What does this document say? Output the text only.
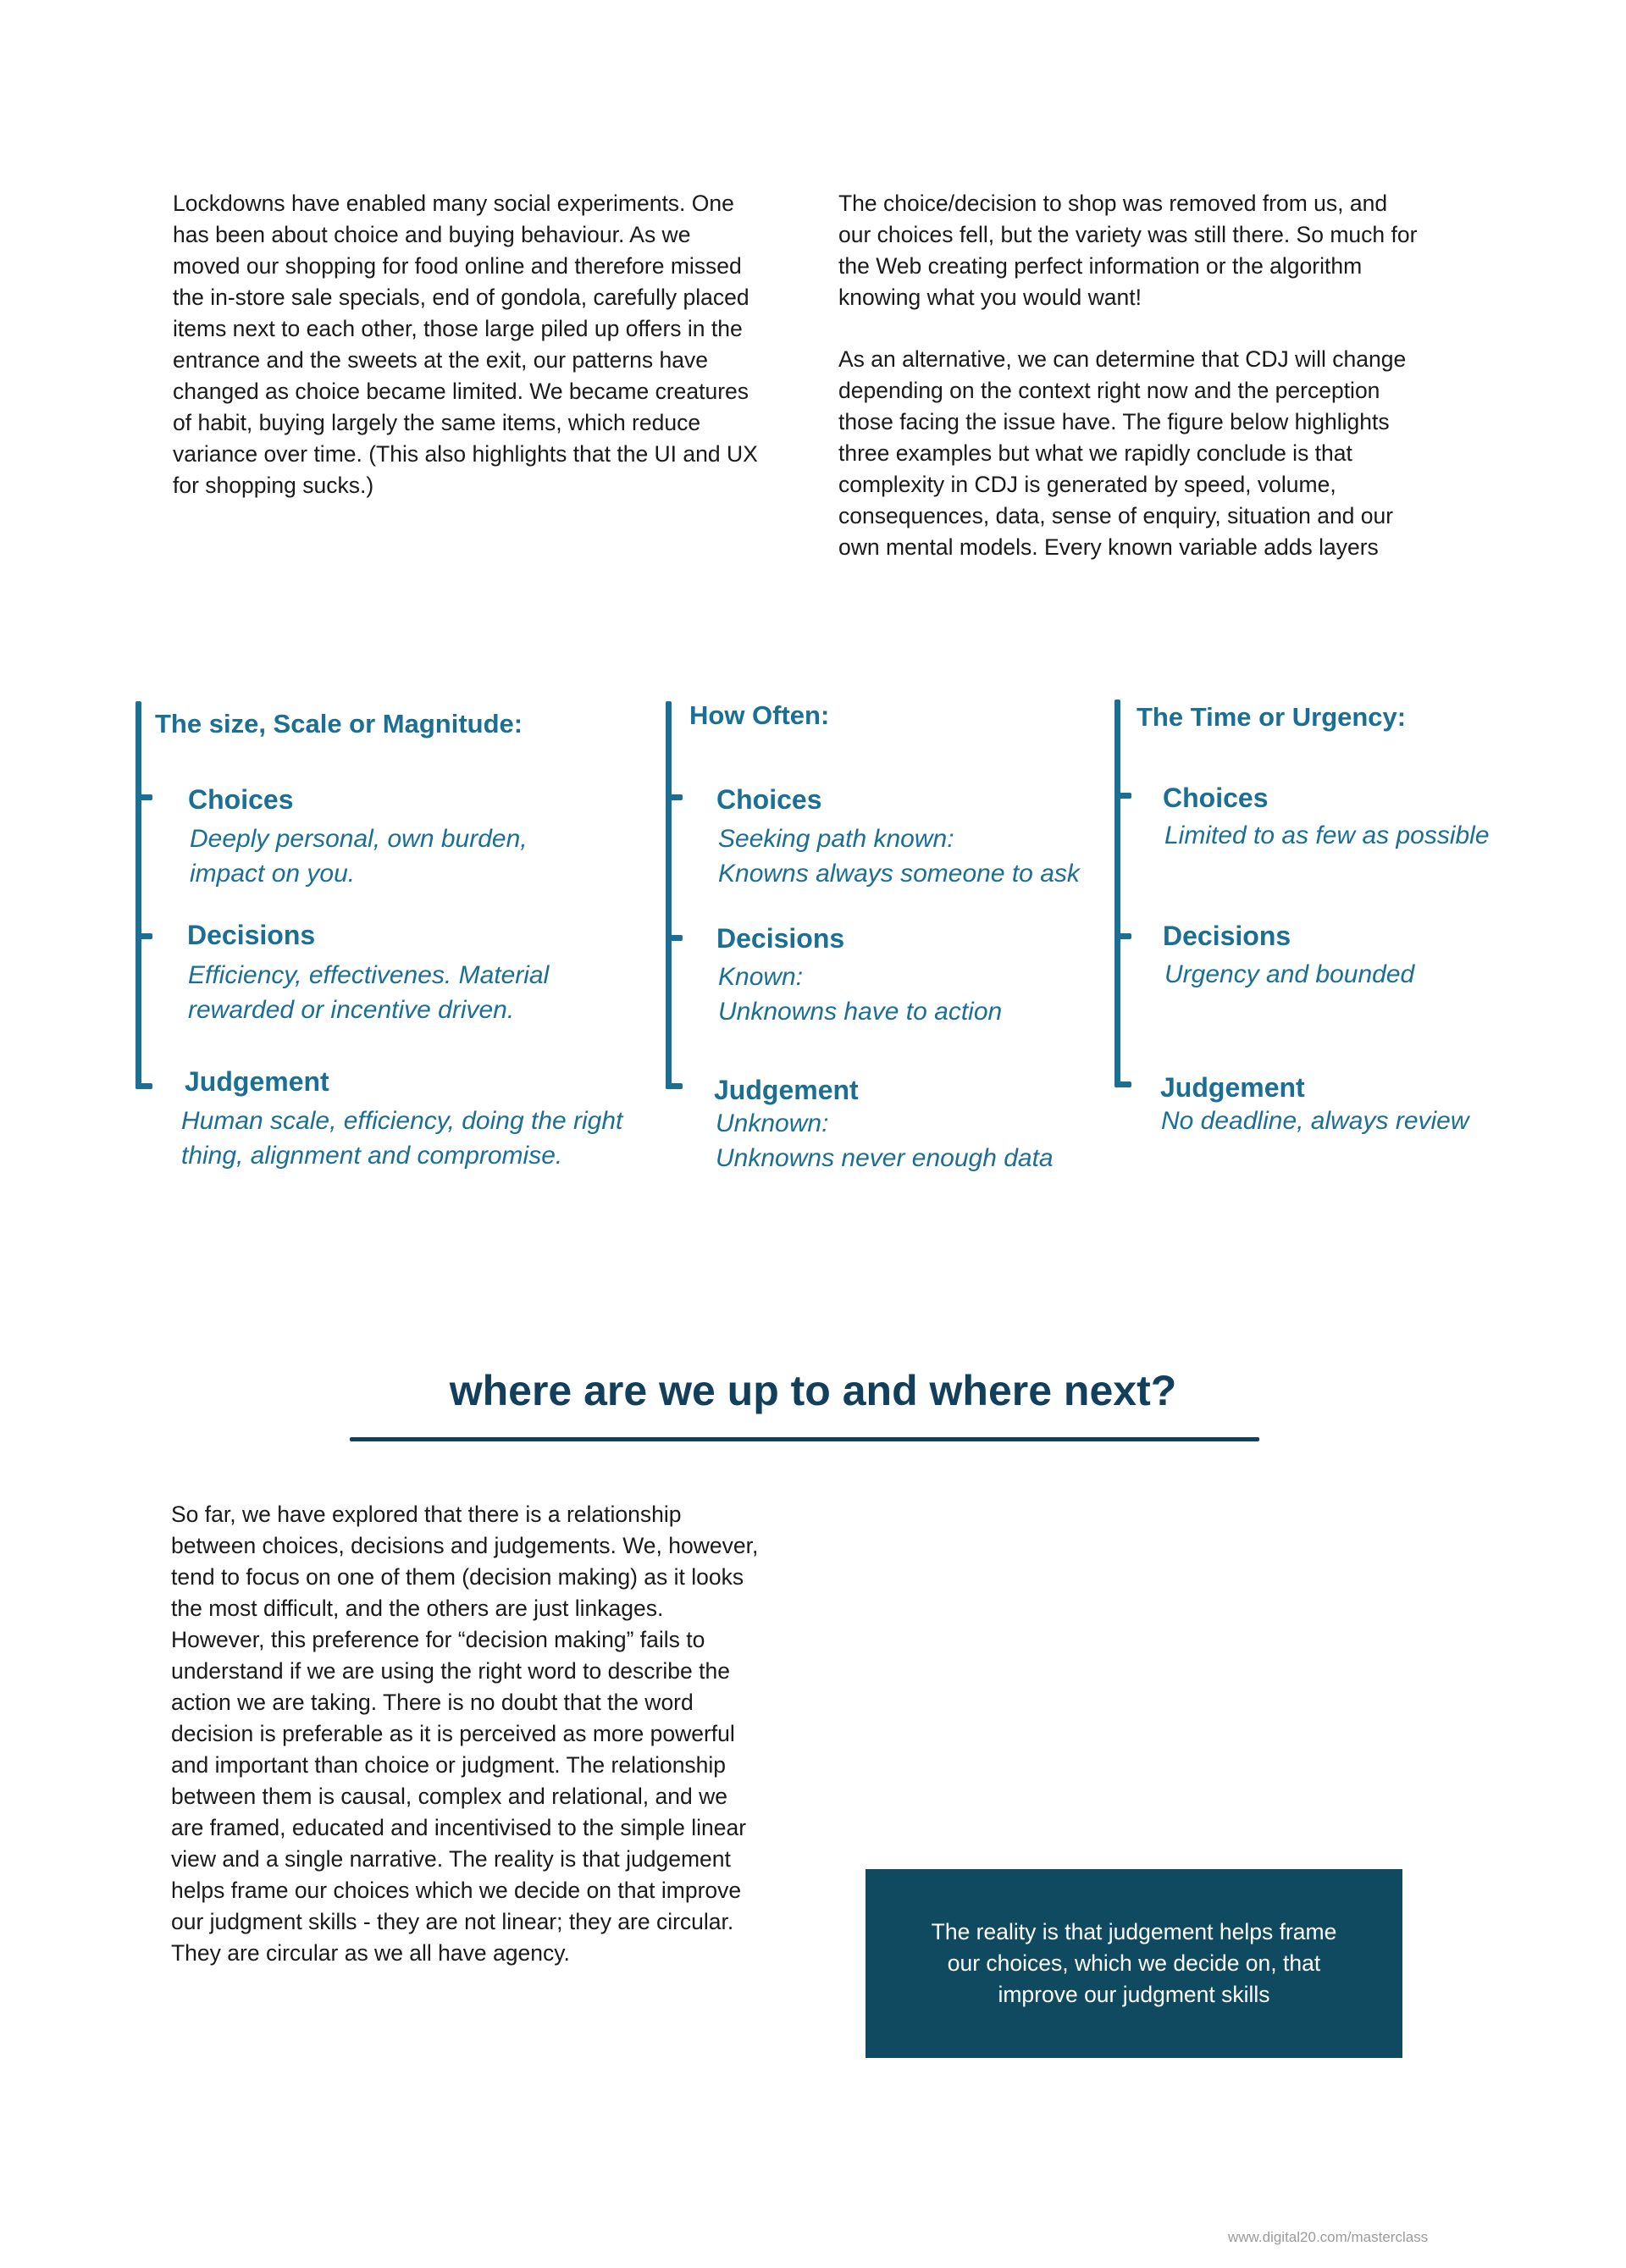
Lockdowns have enabled many social experiments. One
has been about choice and buying behaviour. As we
moved our shopping for food online and therefore missed
the in-store sale specials, end of gondola, carefully placed
items next to each other, those large piled up offers in the
entrance and the sweets at the exit, our patterns have
changed as choice became limited. We became creatures
of habit, buying largely the same items, which reduce
variance over time. (This also highlights that the UI and UX
for shopping sucks.)

The choice/decision to shop was removed from us, and
our choices fell, but the variety was still there. So much for
the Web creating perfect information or the algorithm
knowing what you would want!

As an alternative, we can determine that CDJ will change
depending on the context right now and the perception
those facing the issue have. The figure below highlights
three examples but what we rapidly conclude is that
complexity in CDJ is generated by speed, volume,
consequences, data, sense of enquiry, situation and our
own mental models. Every known variable adds layers

The size, Scale or Magnitude:

Choices

Deeply personal, own burden,
impact on you.

Decisions

Efficiency, effectivenes. Material
rewarded or incentive driven.

Judgement

Human scale, efficiency, doing the right
thing, alignment and compromise.

How Often:

Choices

Seeking path known:
Knowns always someone to ask

Decisions

Known:
Unknowns have to action

Judgement

Unknown:
Unknowns never enough data

The Time or Urgency:

Choices

Limited to as few as possible

Decisions

Urgency and bounded

Judgement

No deadline, always review

where are we up to and where next?

So far, we have explored that there is a relationship
between choices, decisions and judgements. We, however,
tend to focus on one of them (decision making) as it looks
the most difficult, and the others are just linkages.
However, this preference for “decision making” fails to
understand if we are using the right word to describe the
action we are taking. There is no doubt that the word
decision is preferable as it is perceived as more powerful
and important than choice or judgment. The relationship
between them is causal, complex and relational, and we
are framed, educated and incentivised to the simple linear
view and a single narrative. The reality is that judgement
helps frame our choices which we decide on that improve
our judgment skills - they are not linear; they are circular.
They are circular as we all have agency.

The reality is that judgement helps frame
our choices, which we decide on, that
improve our judgment skills

www.digital20.com/masterclass
